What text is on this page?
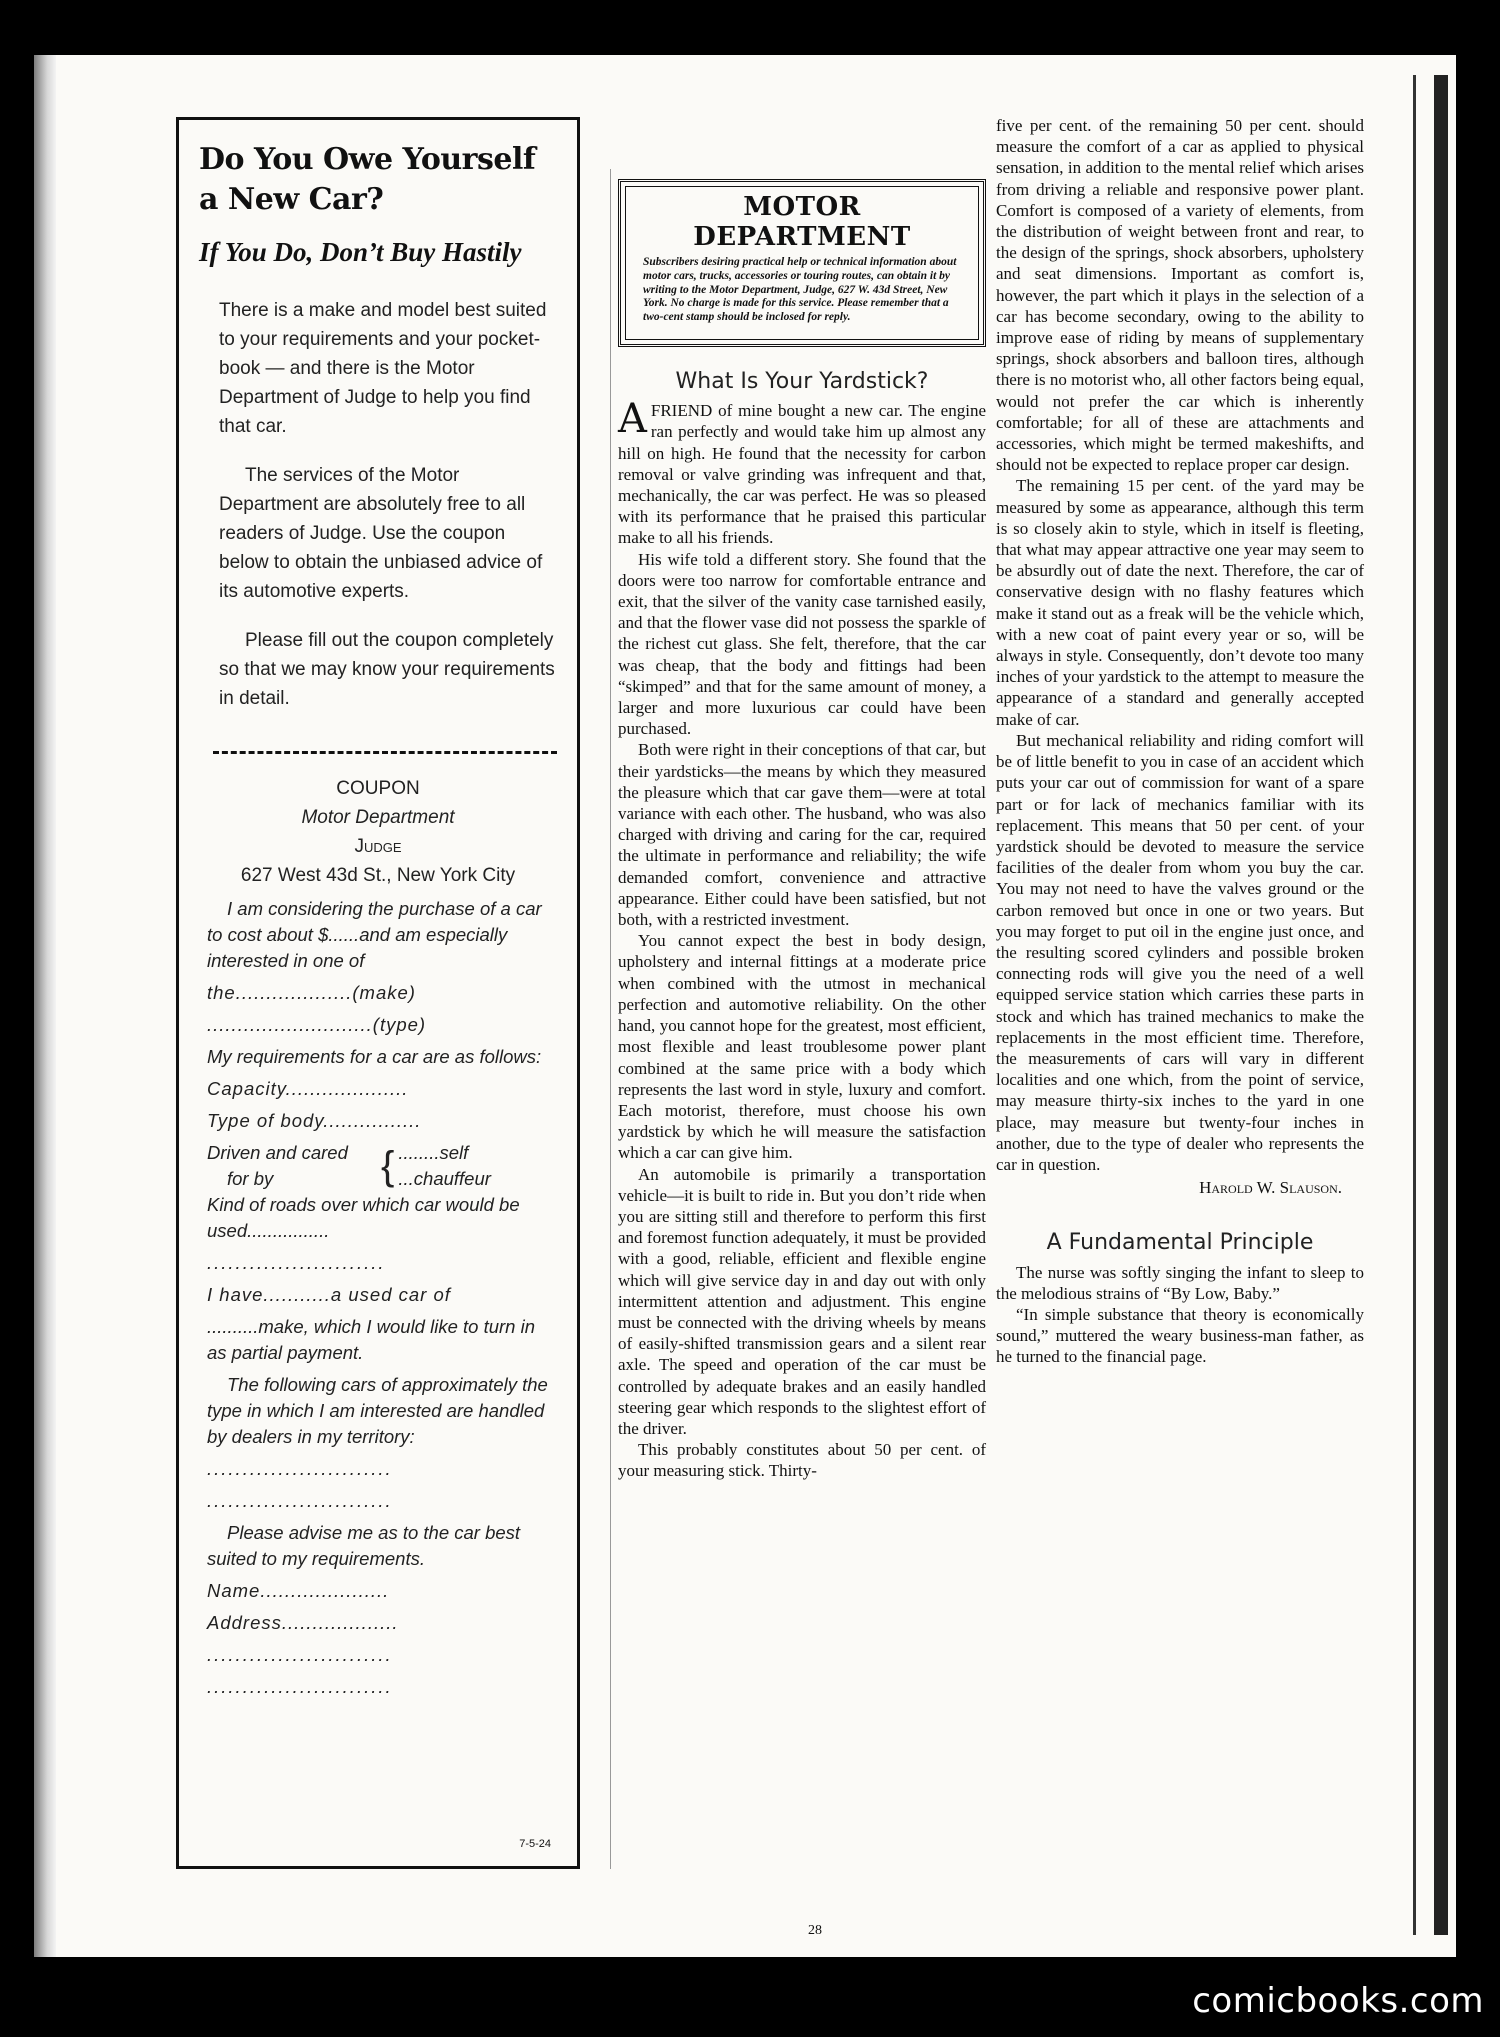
Do You Owe Yourself a New Car?
If You Do, Don’t Buy Hastily

There is a make and model best suited to your requirements and your pocket-book — and there is the Motor Department of Judge to help you find that car.

The services of the Motor Department are absolutely free to all readers of Judge. Use the coupon below to obtain the unbiased advice of its automotive experts.

Please fill out the coupon completely so that we may know your requirements in detail.

COUPON
Motor Department
Judge
627 West 43d St., New York City

I am considering the purchase of a car to cost about $......and am especially interested in one of

the...................(make)

...........................(type)

My requirements for a car are as follows:

Capacity....................

Type of body................

Driven and cared
for by	{ ........self
...chauffeur

Kind of roads over which car would be used................

.........................

I have...........a used car of

..........make, which I would like to turn in as partial payment.

The following cars of approximately the type in which I am interested are handled by dealers in my territory:

..........................

..........................

Please advise me as to the car best suited to my requirements.

Name.....................

Address...................

..........................

..........................

7-5-24
MOTOR DEPARTMENT
Subscribers desiring practical help or technical information about motor cars, trucks, accessories or touring routes, can obtain it by writing to the Motor Department, Judge, 627 W. 43d Street, New York. No charge is made for this service. Please remember that a two-cent stamp should be inclosed for reply.
What Is Your Yardstick?

AFRIEND of mine bought a new car. The engine ran perfectly and would take him up almost any hill on high. He found that the necessity for carbon removal or valve grinding was infrequent and that, mechanically, the car was perfect. He was so pleased with its performance that he praised this particular make to all his friends.

His wife told a different story. She found that the doors were too narrow for comfortable entrance and exit, that the silver of the vanity case tarnished easily, and that the flower vase did not possess the sparkle of the richest cut glass. She felt, therefore, that the car was cheap, that the body and fittings had been “skimped” and that for the same amount of money, a larger and more luxurious car could have been purchased.

Both were right in their conceptions of that car, but their yardsticks—the means by which they measured the pleasure which that car gave them—were at total variance with each other. The husband, who was also charged with driving and caring for the car, required the ultimate in performance and reliability; the wife demanded comfort, convenience and attractive appearance. Either could have been satisfied, but not both, with a restricted investment.

You cannot expect the best in body design, upholstery and internal fittings at a moderate price when combined with the utmost in mechanical perfection and automotive reliability. On the other hand, you cannot hope for the greatest, most efficient, most flexible and least troublesome power plant combined at the same price with a body which represents the last word in style, luxury and comfort. Each motorist, therefore, must choose his own yardstick by which he will measure the satisfaction which a car can give him.

An automobile is primarily a transportation vehicle—it is built to ride in. But you don’t ride when you are sitting still and therefore to perform this first and foremost function adequately, it must be provided with a good, reliable, efficient and flexible engine which will give service day in and day out with only intermittent attention and adjustment. This engine must be connected with the driving wheels by means of easily-shifted transmission gears and a silent rear axle. The speed and operation of the car must be controlled by adequate brakes and an easily handled steering gear which responds to the slightest effort of the driver.

This probably constitutes about 50 per cent. of your measuring stick. Thirty-

five per cent. of the remaining 50 per cent. should measure the comfort of a car as applied to physical sensation, in addition to the mental relief which arises from driving a reliable and responsive power plant. Comfort is composed of a variety of elements, from the distribution of weight between front and rear, to the design of the springs, shock absorbers, upholstery and seat dimensions. Important as comfort is, however, the part which it plays in the selection of a car has become secondary, owing to the ability to improve ease of riding by means of supplementary springs, shock absorbers and balloon tires, although there is no motorist who, all other factors being equal, would not prefer the car which is inherently comfortable; for all of these are attachments and accessories, which might be termed makeshifts, and should not be expected to replace proper car design.

The remaining 15 per cent. of the yard may be measured by some as appearance, although this term is so closely akin to style, which in itself is fleeting, that what may appear attractive one year may seem to be absurdly out of date the next. Therefore, the car of conservative design with no flashy features which make it stand out as a freak will be the vehicle which, with a new coat of paint every year or so, will be always in style. Consequently, don’t devote too many inches of your yardstick to the attempt to measure the appearance of a standard and generally accepted make of car.

But mechanical reliability and riding comfort will be of little benefit to you in case of an accident which puts your car out of commission for want of a spare part or for lack of mechanics familiar with its replacement. This means that 50 per cent. of your yardstick should be devoted to measure the service facilities of the dealer from whom you buy the car. You may not need to have the valves ground or the carbon removed but once in one or two years. But you may forget to put oil in the engine just once, and the resulting scored cylinders and possible broken connecting rods will give you the need of a well equipped service station which carries these parts in stock and which has trained mechanics to make the replacements in the most efficient time. Therefore, the measurements of cars will vary in different localities and one which, from the point of service, may measure thirty-six inches to the yard in one place, may measure but twenty-four inches in another, due to the type of dealer who represents the car in question.

Harold W. Slauson.
A Fundamental Principle

The nurse was softly singing the infant to sleep to the melodious strains of “By Low, Baby.”

“In simple substance that theory is economically sound,” muttered the weary business-man father, as he turned to the financial page.

28
comicbooks.com
